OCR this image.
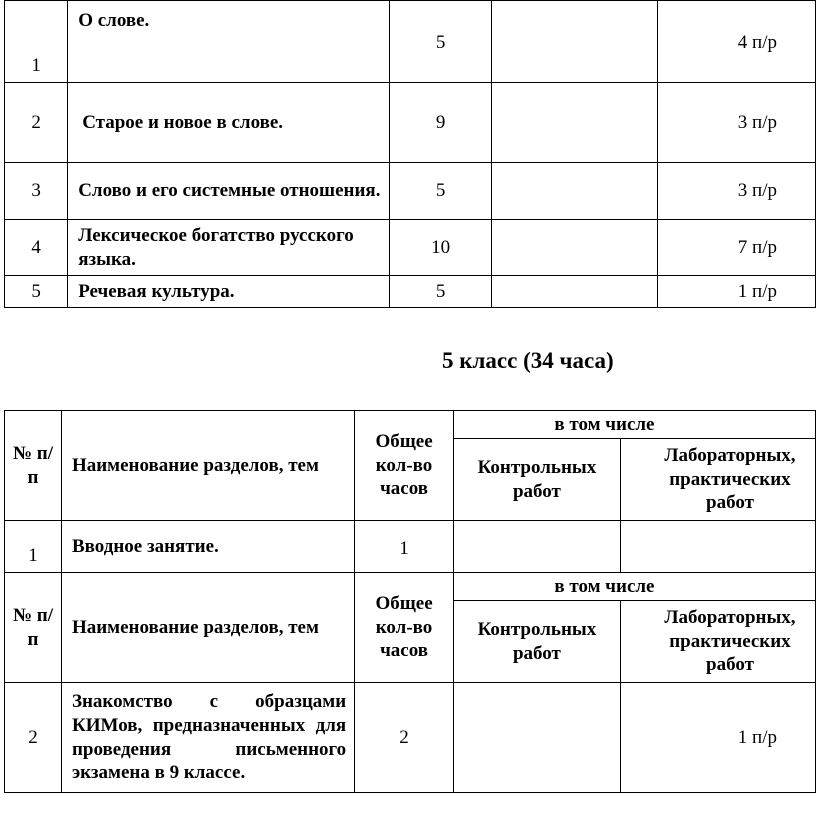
1	О слове.	5		4 п/р
2	Старое и новое в слове.	9		3 п/р
3	Слово и его системные отношения.	5		3 п/р
4	Лексическое богатство русского языка.	10		7 п/р
5	Речевая культура.	5		1 п/р
5 класс (34 часа)
№ п/п	Наименование разделов, тем	Общее кол-во часов	в том числе	
			Контрольных работ	Лабораторных, практических работ

1	Вводное занятие.	1		
№ п/п	Наименование разделов, тем	Общее кол-во часов	в том числе	
			Контрольных работ	Лабораторных, практических работ

2	Знакомство с образцами КИМов, предназначенных для проведения письменного экзамена в 9 классе.	2		1 п/р
